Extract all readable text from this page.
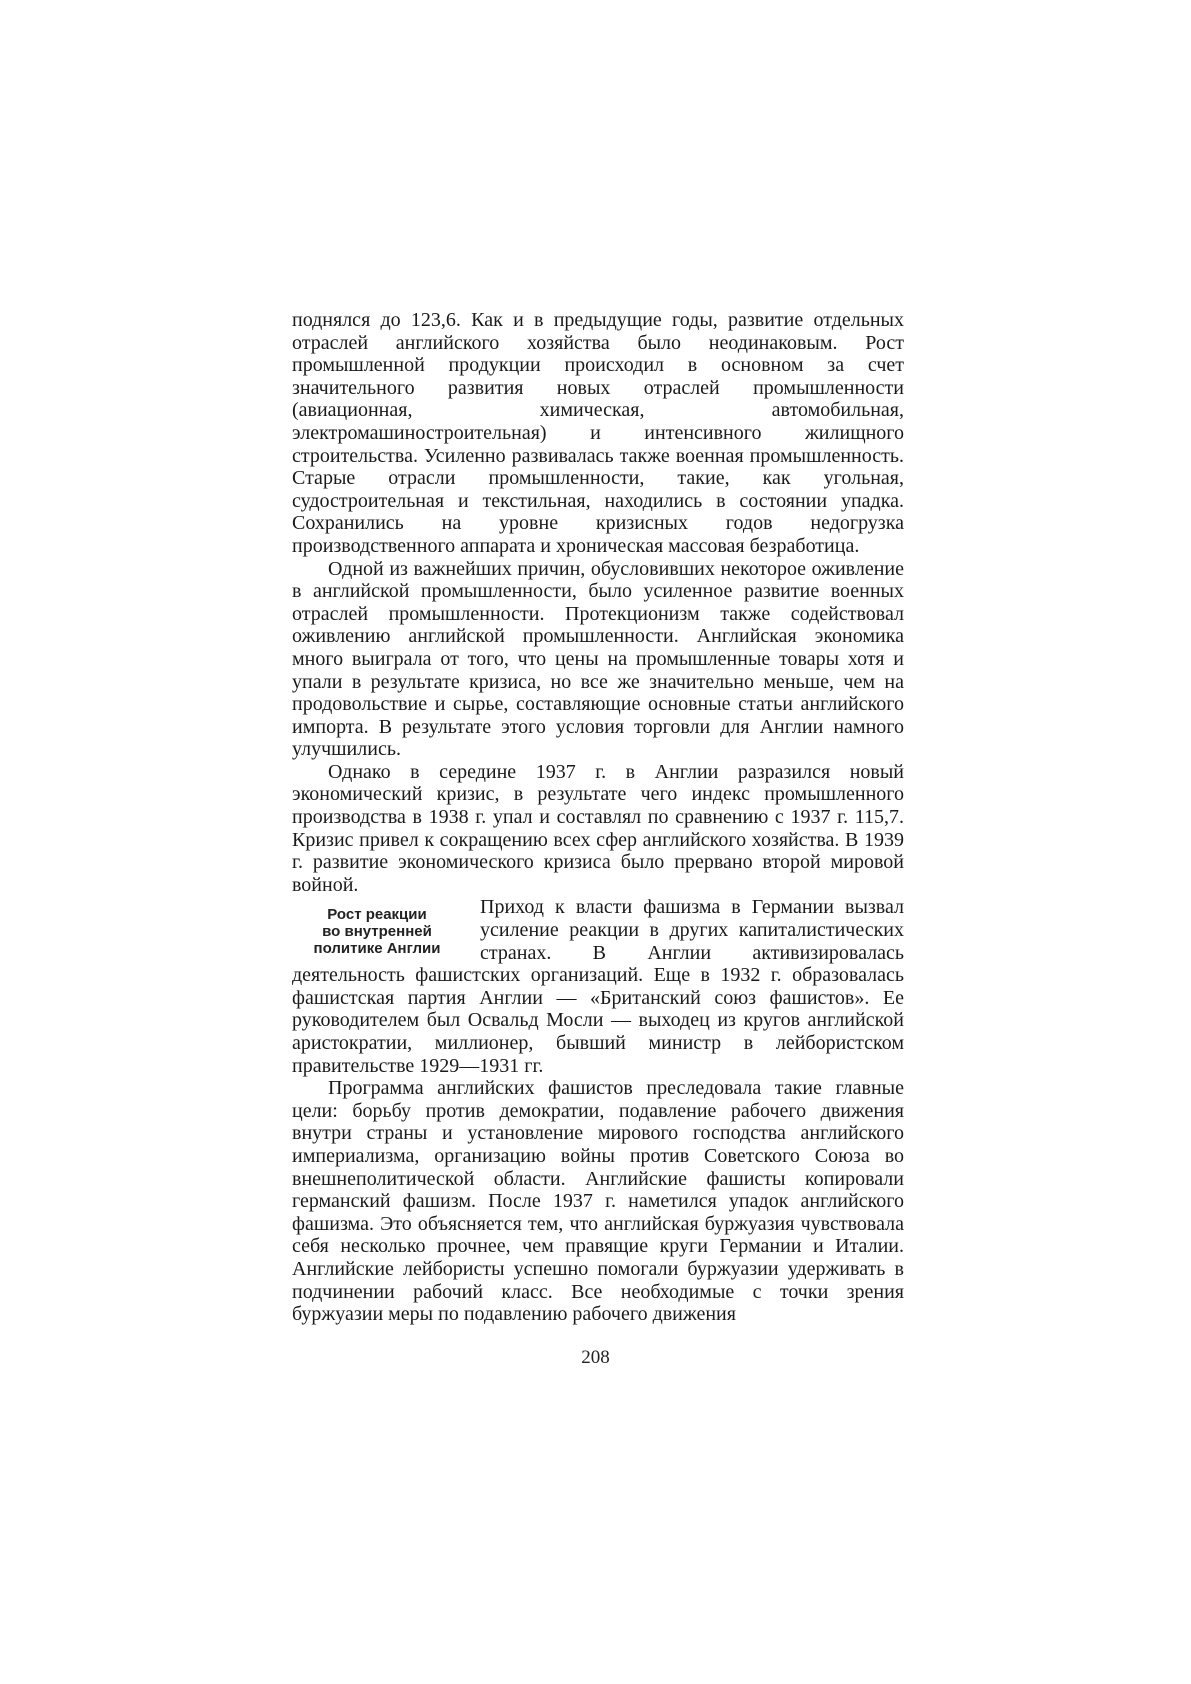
поднялся до 123,6. Как и в предыдущие годы, развитие отдельных отраслей английского хозяйства было неодинаковым. Рост промышленной продукции происходил в основном за счет значительного развития новых отраслей промышленности (авиационная, химическая, автомобильная, электромашиностроительная) и интенсивного жилищного строительства. Усиленно развивалась также военная промышленность. Старые отрасли промышленности, такие, как угольная, судостроительная и текстильная, находились в состоянии упадка. Сохранились на уровне кризисных годов недогрузка производственного аппарата и хроническая массовая безработица.

Одной из важнейших причин, обусловивших некоторое оживление в английской промышленности, было усиленное развитие военных отраслей промышленности. Протекционизм также содействовал оживлению английской промышленности. Английская экономика много выиграла от того, что цены на промышленные товары хотя и упали в результате кризиса, но все же значительно меньше, чем на продовольствие и сырье, составляющие основные статьи английского импорта. В результате этого условия торговли для Англии намного улучшились.

Однако в середине 1937 г. в Англии разразился новый экономический кризис, в результате чего индекс промышленного производства в 1938 г. упал и составлял по сравнению с 1937 г. 115,7. Кризис привел к сокращению всех сфер английского хозяйства. В 1939 г. развитие экономического кризиса было прервано второй мировой войной.

Рост реакции
во внутренней
политике Англии

Приход к власти фашизма в Германии вызвал усиление реакции в других капиталистических странах. В Англии активизировалась деятельность фашистских организаций. Еще в 1932 г. образовалась фашистская партия Англии — «Британский союз фашистов». Ее руководителем был Освальд Мосли — выходец из кругов английской аристократии, миллионер, бывший министр в лейбористском правительстве 1929—1931 гг.

Программа английских фашистов преследовала такие главные цели: борьбу против демократии, подавление рабочего движения внутри страны и установление мирового господства английского империализма, организацию войны против Советского Союза во внешнеполитической области. Английские фашисты копировали германский фашизм. После 1937 г. наметился упадок английского фашизма. Это объясняется тем, что английская буржуазия чувствовала себя несколько прочнее, чем правящие круги Германии и Италии. Английские лейбористы успешно помогали буржуазии удерживать в подчинении рабочий класс. Все необходимые с точки зрения буржуазии меры по подавлению рабочего движения

208
